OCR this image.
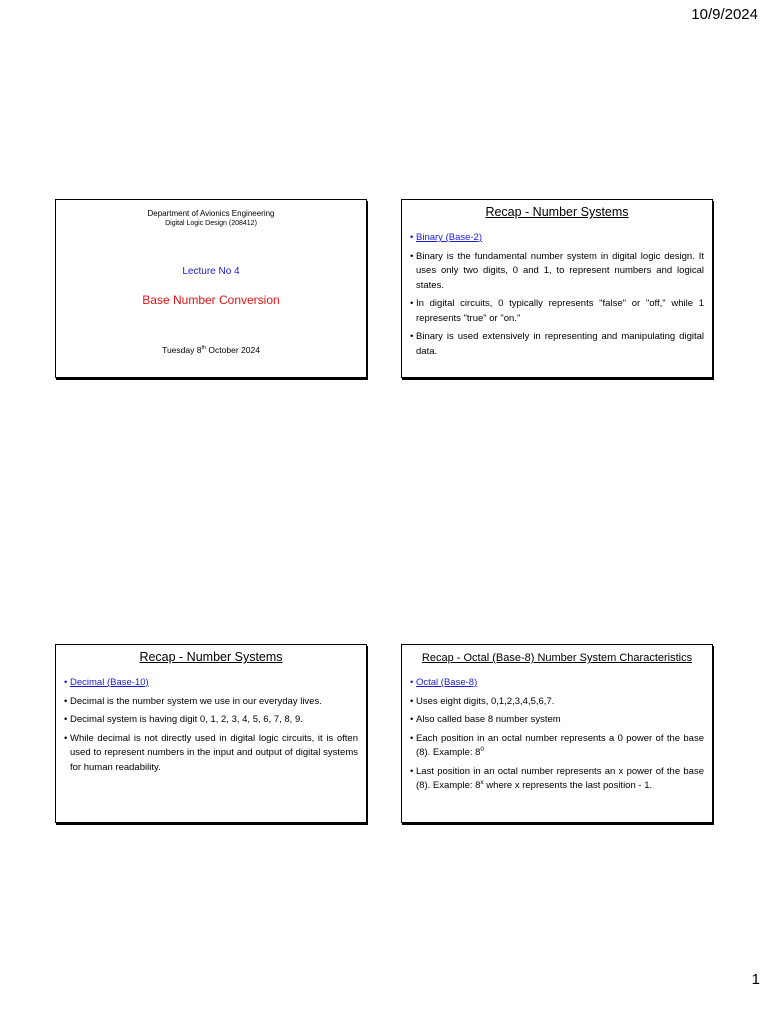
10/9/2024
Department of Avionics Engineering
Digital Logic Design (208412)
Lecture No 4
Base Number Conversion
Tuesday 8th October 2024
Recap - Number Systems
• Binary (Base-2)
• Binary is the fundamental number system in digital logic design. It uses only two digits, 0 and 1, to represent numbers and logical states.
• In digital circuits, 0 typically represents "false" or "off," while 1 represents "true" or "on."
• Binary is used extensively in representing and manipulating digital data.
Recap - Number Systems
• Decimal (Base-10)
• Decimal is the number system we use in our everyday lives.
• Decimal system is having digit 0, 1, 2, 3, 4, 5, 6, 7, 8, 9.
• While decimal is not directly used in digital logic circuits, it is often used to represent numbers in the input and output of digital systems for human readability.
Recap - Octal (Base-8) Number System Characteristics
• Octal (Base-8)
• Uses eight digits, 0,1,2,3,4,5,6,7.
• Also called base 8 number system
• Each position in an octal number represents a 0 power of the base (8). Example: $8^0$
• Last position in an octal number represents an x power of the base (8). Example: 8$^x$ where x represents the last position - 1.
1
